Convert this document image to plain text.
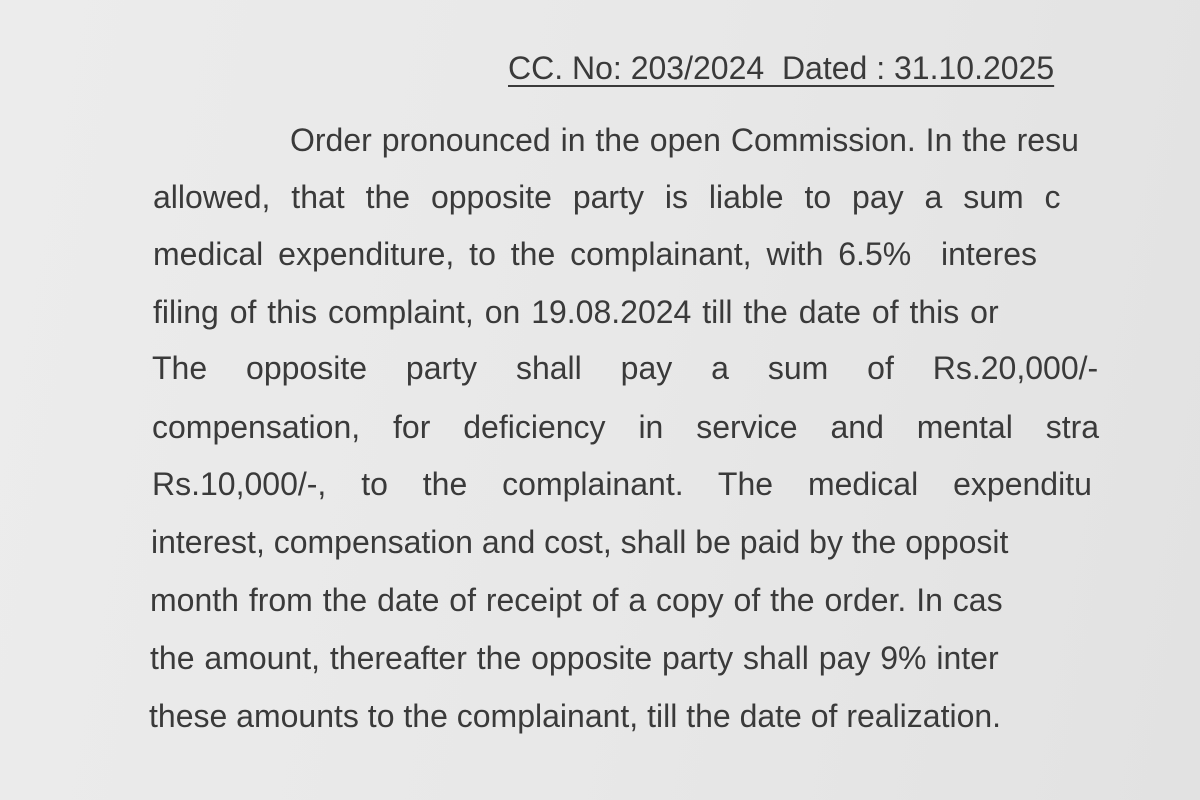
CC. No: 203/2024  Dated : 31.10.2025
Order pronounced in the open Commission. In the resu
allowed, that the opposite party is liable to pay a sum c
medical expenditure, to the complainant, with 6.5%  interes
filing of this complaint, on 19.08.2024 till the date of this or
The opposite party shall pay a sum of Rs.20,000/-
compensation, for deficiency in service and mental stra
Rs.10,000/-, to the complainant. The medical expenditu
interest, compensation and cost, shall be paid by the opposit
month from the date of receipt of a copy of the order. In cas
the amount, thereafter the opposite party shall pay 9% inter
these amounts to the complainant, till the date of realization.
